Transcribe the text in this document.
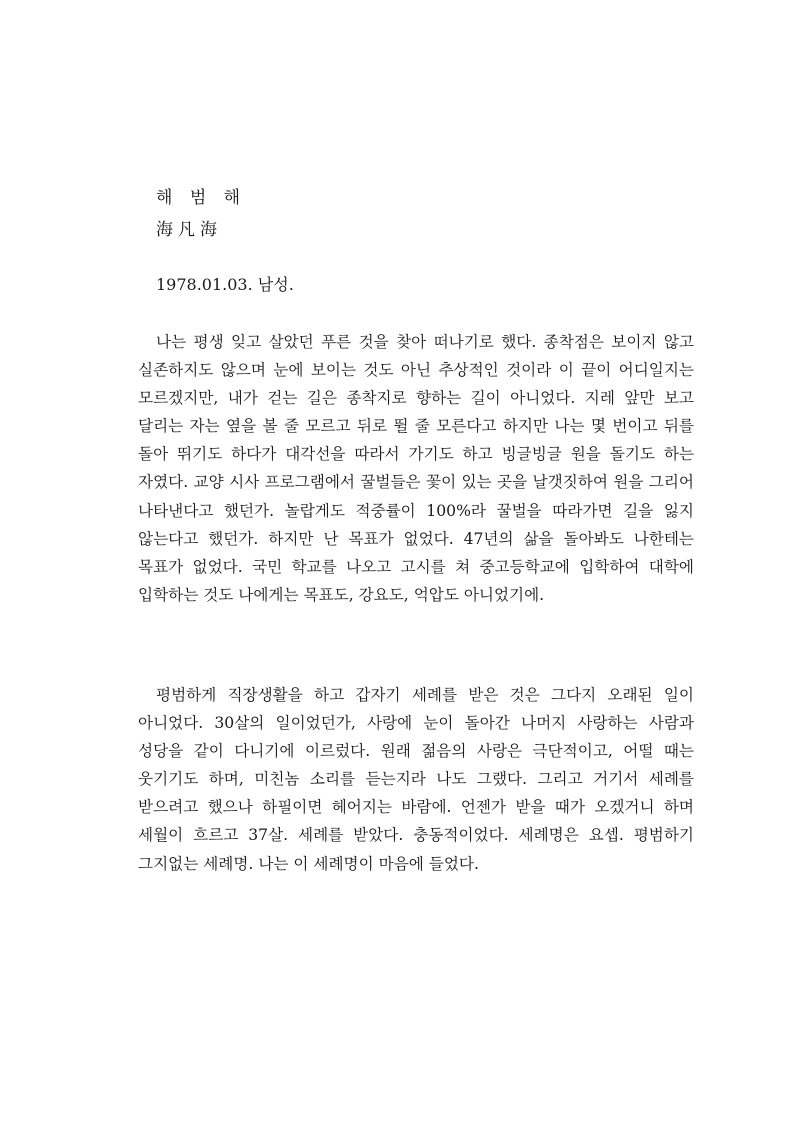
해 범 해

海凡海

1978.01.03. 남성.

나는 평생 잊고 살았던 푸른 것을 찾아 떠나기로 했다. 종착점은 보이지 않고 실존하지도 않으며 눈에 보이는 것도 아닌 추상적인 것이라 이 끝이 어디일지는 모르겠지만, 내가 걷는 길은 종착지로 향하는 길이 아니었다. 지레 앞만 보고 달리는 자는 옆을 볼 줄 모르고 뒤로 뛸 줄 모른다고 하지만 나는 몇 번이고 뒤를 돌아 뛰기도 하다가 대각선을 따라서 가기도 하고 빙글빙글 원을 돌기도 하는 자였다. 교양 시사 프로그램에서 꿀벌들은 꽃이 있는 곳을 날갯짓하여 원을 그리어 나타낸다고 했던가. 놀랍게도 적중률이 100%라 꿀벌을 따라가면 길을 잃지 않는다고 했던가. 하지만 난 목표가 없었다. 47년의 삶을 돌아봐도 나한테는 목표가 없었다. 국민 학교를 나오고 고시를 쳐 중고등학교에 입학하여 대학에 입학하는 것도 나에게는 목표도, 강요도, 억압도 아니었기에.

평범하게 직장생활을 하고 갑자기 세례를 받은 것은 그다지 오래된 일이 아니었다. 30살의 일이었던가, 사랑에 눈이 돌아간 나머지 사랑하는 사람과 성당을 같이 다니기에 이르렀다. 원래 젊음의 사랑은 극단적이고, 어떨 때는 웃기기도 하며, 미친놈 소리를 듣는지라 나도 그랬다. 그리고 거기서 세례를 받으려고 했으나 하필이면 헤어지는 바람에. 언젠가 받을 때가 오겠거니 하며 세월이 흐르고 37살. 세례를 받았다. 충동적이었다. 세례명은 요셉. 평범하기 그지없는 세례명. 나는 이 세례명이 마음에 들었다.
